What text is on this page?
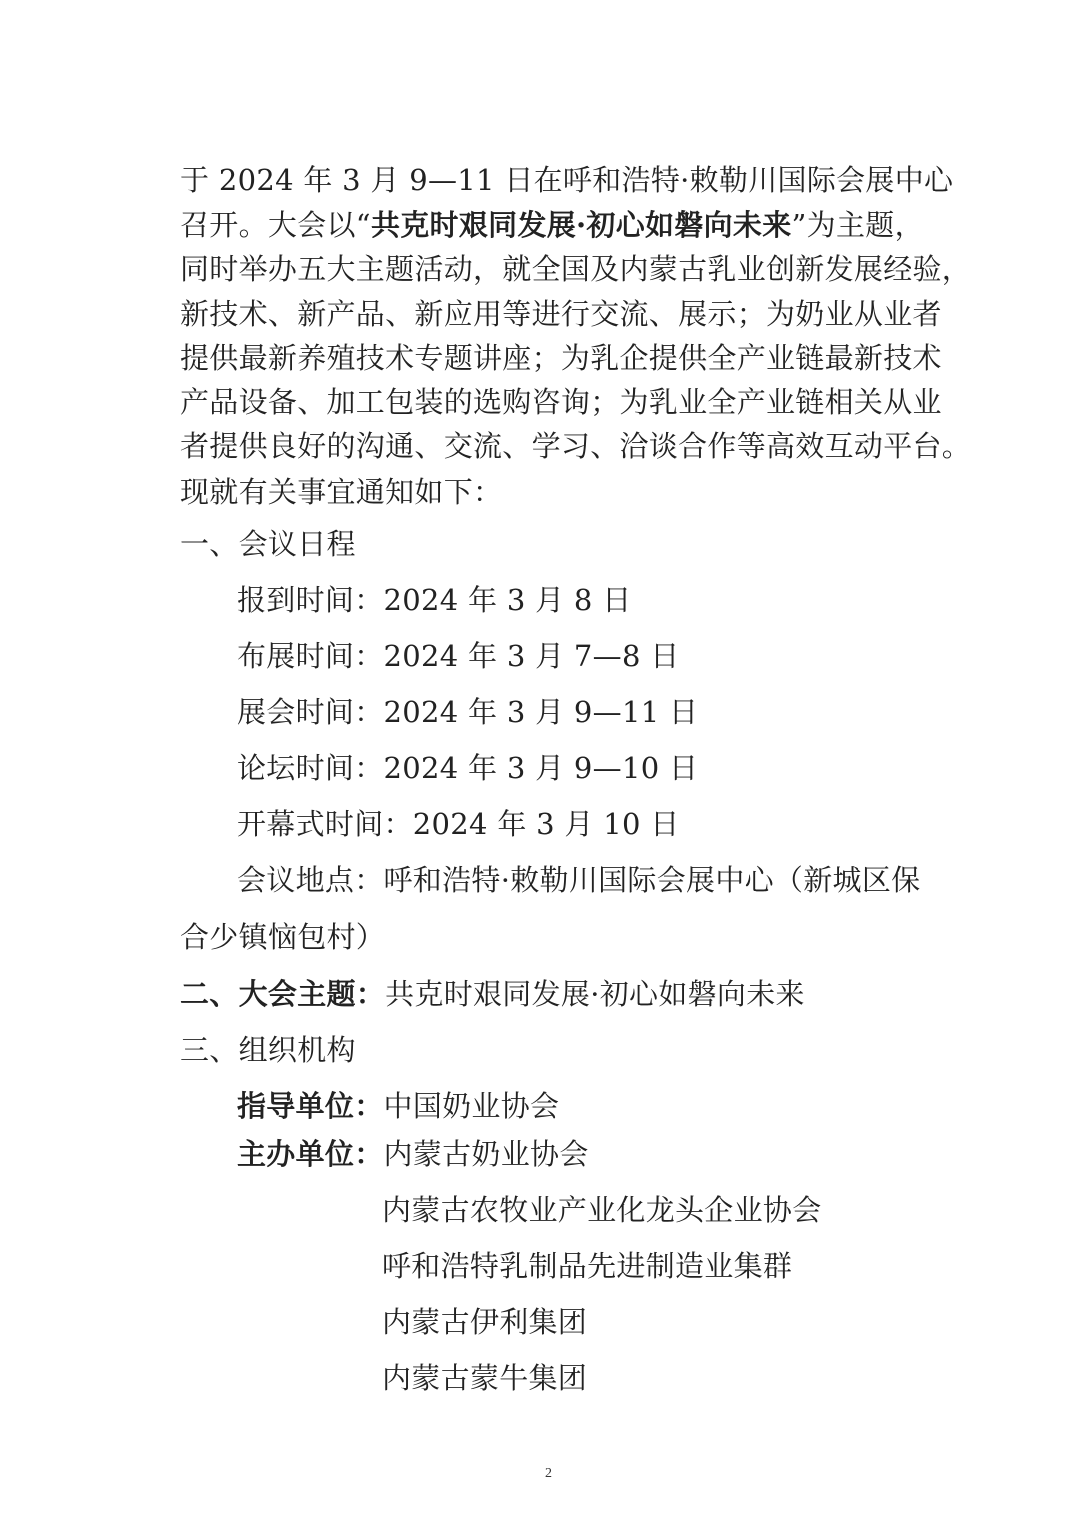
于 2024 年 3 月 9—11 日在呼和浩特·敕勒川国际会展中心
召开。大会以“共克时艰同发展·初心如磐向未来”为主题，
同时举办五大主题活动，就全国及内蒙古乳业创新发展经验，
新技术、新产品、新应用等进行交流、展示；为奶业从业者
提供最新养殖技术专题讲座；为乳企提供全产业链最新技术
产品设备、加工包装的选购咨询；为乳业全产业链相关从业
者提供良好的沟通、交流、学习、洽谈合作等高效互动平台。
现就有关事宜通知如下：
一、会议日程
报到时间：2024 年 3 月 8 日
布展时间：2024 年 3 月 7—8 日
展会时间：2024 年 3 月 9—11 日
论坛时间：2024 年 3 月 9—10 日
开幕式时间：2024 年 3 月 10 日
会议地点：呼和浩特·敕勒川国际会展中心（新城区保
合少镇恼包村）
二、大会主题：共克时艰同发展·初心如磐向未来
三、组织机构
指导单位：中国奶业协会
主办单位：内蒙古奶业协会
内蒙古农牧业产业化龙头企业协会
呼和浩特乳制品先进制造业集群
内蒙古伊利集团
内蒙古蒙牛集团
2
